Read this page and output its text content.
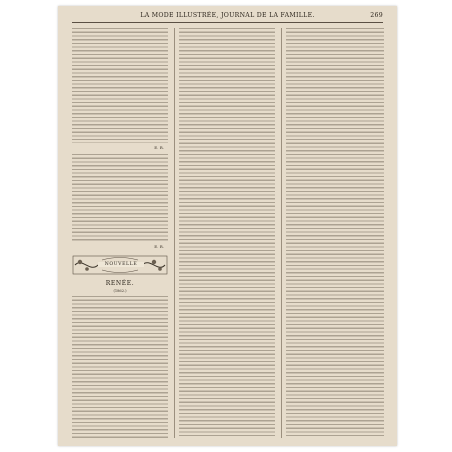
LA MODE ILLUSTRÉE, JOURNAL DE LA FAMILLE.	269
E. R.
E. R.
NOUVELLE
RENÉE.
(1862.)
